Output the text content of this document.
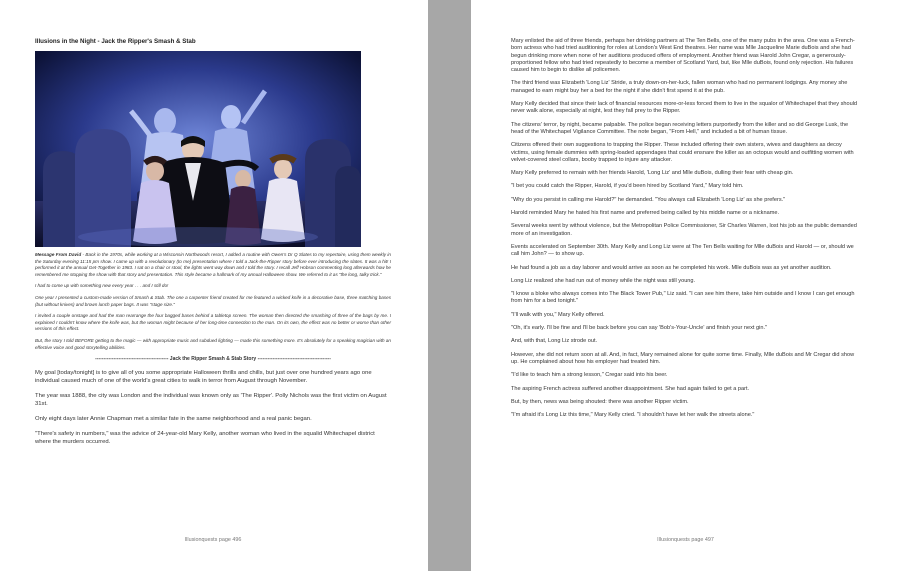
Illusions in the Night - Jack the Ripper's Smash & Stab
Message From David - Back in the 1970s, while working at a Wisconsin Northwoods resort, I added a routine with Owen's Dr Q Slates to my repertoire, using them weekly in the Saturday evening 11:15 pm show. I came up with a revolutionary (to me) presentation where I told a Jack-the-Ripper story before ever introducing the slates. It was a hit! I performed it at the annual Get-Together in 1983. I sat on a chair or stool, the lights went way down and I told the story. I recall Jeff Hobson commenting long afterwards how he remembered me stopping the show with that story and presentation. This style became a hallmark of my annual Halloween show. We referred to it as "the long, talky trick."
I had to come up with something new every year . . . and I still do!
One year I presented a custom-made version of Smash & Stab. The one a carpenter friend created for me featured a wicked knife in a decorative base, three matching bases (but without knives) and brown lunch paper bags. It was "stage size."
I invited a couple onstage and had the man rearrange the four bagged bases behind a tabletop screen. The woman then directed the smashing of three of the bags by me. I explained I couldn't know where the knife was, but the woman might because of her long-time connection to the man. On its own, the effect was no better or worse than other versions of this effect.
But, the story I told BEFORE getting to the magic — with appropriate music and subdued lighting — made this something more. It's absolutely for a speaking magician with an effective voice and good storytelling abilities.
-------------------------------------------- Jack the Ripper Smash & Stab Story --------------------------------------------

My goal [today/tonight] is to give all of you some appropriate Halloween thrills and chills, but just over one hundred years ago one individual caused much of one of the world's great cities to walk in terror from August through November.

The year was 1888, the city was London and the individual was known only as 'The Ripper'. Polly Nichols was the first victim on August 31st.

Only eight days later Annie Chapman met a similar fate in the same neighborhood and a real panic began.

"There's safety in numbers," was the advice of 24-year-old Mary Kelly, another woman who lived in the squalid Whitechapel district where the murders occurred.

Illusionquests page 496

Mary enlisted the aid of three friends, perhaps her drinking partners at The Ten Bells, one of the many pubs in the area. One was a French-born actress who had tried auditioning for roles at London's West End theatres. Her name was Mlle Jacqueline Marie duBois and she had begun drinking more when none of her auditions produced offers of employment. Another friend was Harold John Cregar, a generously-proportioned fellow who had tried repeatedly to become a member of Scotland Yard, but, like Mlle duBois, found only rejection. His failures caused him to begin to dislike all policemen.

The third friend was Elizabeth 'Long Liz' Stride, a truly down-on-her-luck, fallen woman who had no permanent lodgings. Any money she managed to earn might buy her a bed for the night if she didn't first spend it at the pub.

Mary Kelly decided that since their lack of financial resources more-or-less forced them to live in the squalor of Whitechapel that they should never walk alone, especially at night, lest they fall prey to the Ripper.

The citizens' terror, by night, became palpable. The police began receiving letters purportedly from the killer and so did George Lusk, the head of the Whitechapel Vigilance Committee. The note began, "From Hell," and included a bit of human tissue.

Citizens offered their own suggestions to trapping the Ripper. These included offering their own sisters, wives and daughters as decoy victims, using female dummies with spring-loaded appendages that could ensnare the killer as an octopus would and outfitting women with velvet-covered steel collars, booby trapped to injure any attacker.

Mary Kelly preferred to remain with her friends Harold, 'Long Liz' and Mlle duBois, dulling their fear with cheap gin.

"I bet you could catch the Ripper, Harold, if you'd been hired by Scotland Yard," Mary told him.

"Why do you persist in calling me Harold?" he demanded. "You always call Elizabeth 'Long Liz' as she prefers."

Harold reminded Mary he hated his first name and preferred being called by his middle name or a nickname.

Several weeks went by without violence, but the Metropolitan Police Commissioner, Sir Charles Warren, lost his job as the public demanded more of an investigation.

Events accelerated on September 30th. Mary Kelly and Long Liz were at The Ten Bells waiting for Mlle duBois and Harold — or, should we call him John? — to show up.

He had found a job as a day laborer and would arrive as soon as he completed his work. Mlle duBois was as yet another audition.

Long Liz realized she had run out of money while the night was still young.

"I know a bloke who always comes into The Black Tower Pub," Liz said. "I can see him there, take him outside and I know I can get enough from him for a bed tonight."

"I'll walk with you," Mary Kelly offered.

"Oh, it's early. I'll be fine and I'll be back before you can say 'Bob's-Your-Uncle' and finish your next gin."

And, with that, Long Liz strode out.

However, she did not return soon at all. And, in fact, Mary remained alone for quite some time. Finally, Mlle duBois and Mr Cregar did show up. He complained about how his employer had treated him.

"I'd like to teach him a strong lesson," Cregar said into his beer.

The aspiring French actress suffered another disappointment. She had again failed to get a part.

But, by then, news was being shouted: there was another Ripper victim.

"I'm afraid it's Long Liz this time," Mary Kelly cried. "I shouldn't have let her walk the streets alone."

Illusionquests page 497
